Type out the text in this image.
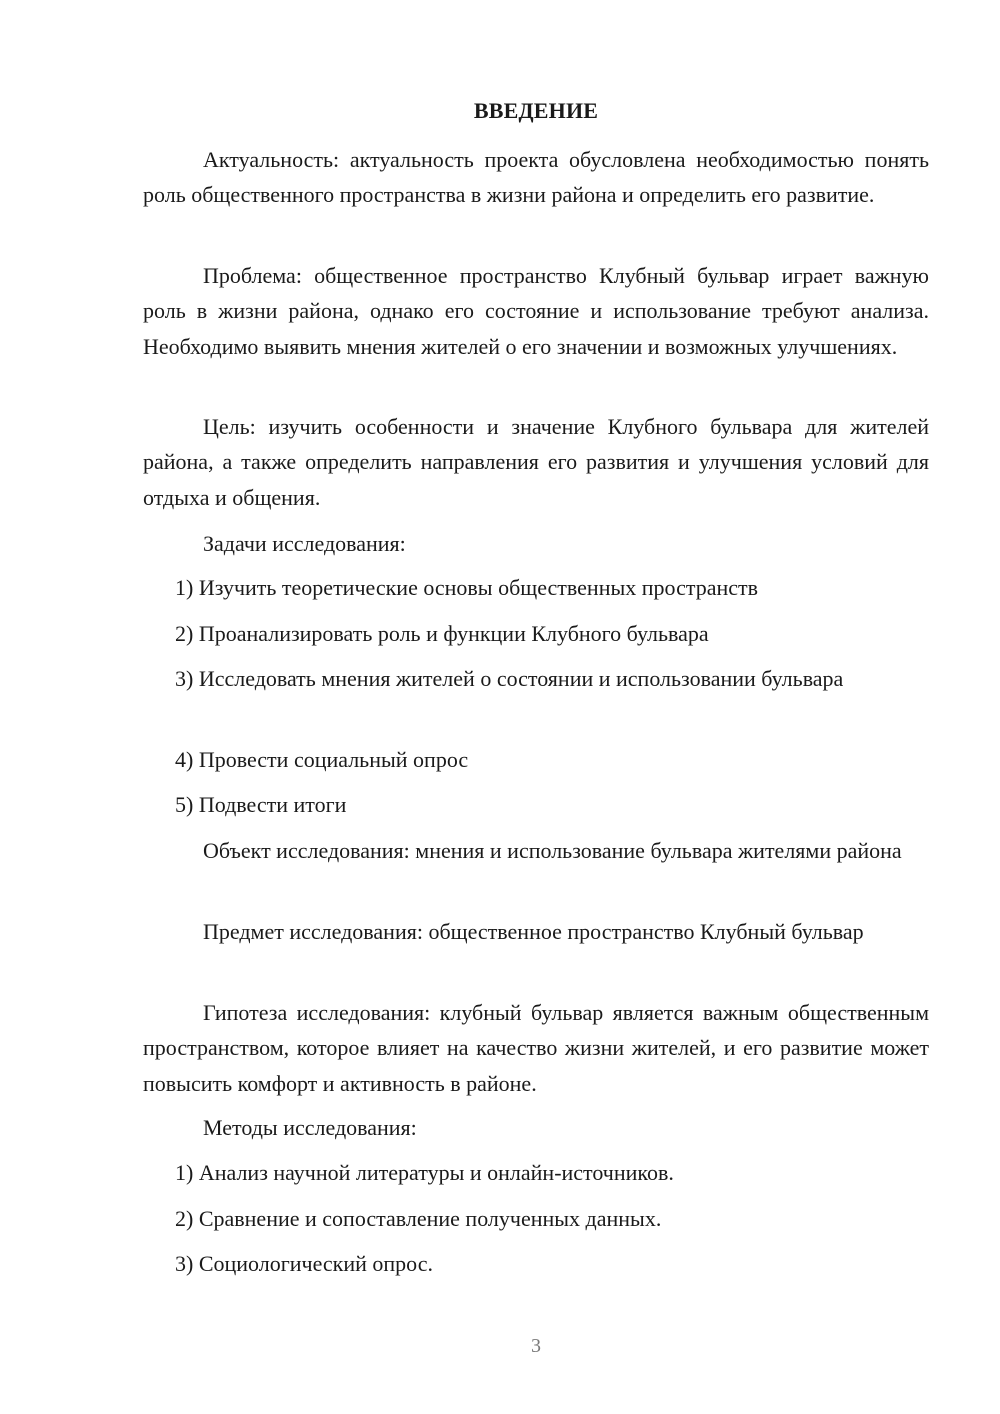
ВВЕДЕНИЕ

Актуальность: актуальность проекта обусловлена необходимостью понять роль общественного пространства в жизни района и определить его развитие.

Проблема: общественное пространство Клубный бульвар играет важную роль в жизни района, однако его состояние и использование требуют анализа. Необходимо выявить мнения жителей о его значении и возможных улучшениях.

Цель: изучить особенности и значение Клубного бульвара для жителей района, а также определить направления его развития и улучшения условий для отдыха и общения.

Задачи исследования:

1) Изучить теоретические основы общественных пространств

2) Проанализировать роль и функции Клубного бульвара

3) Исследовать мнения жителей о состоянии и использовании бульвара

4) Провести социальный опрос

5) Подвести итоги

Объект исследования: мнения и использование бульвара жителями района

Предмет исследования: общественное пространство Клубный бульвар

Гипотеза исследования: клубный бульвар является важным общественным пространством, которое влияет на качество жизни жителей, и его развитие может повысить комфорт и активность в районе.

Методы исследования:

1) Анализ научной литературы и онлайн-источников.

2) Сравнение и сопоставление полученных данных.

3) Социологический опрос.

3
